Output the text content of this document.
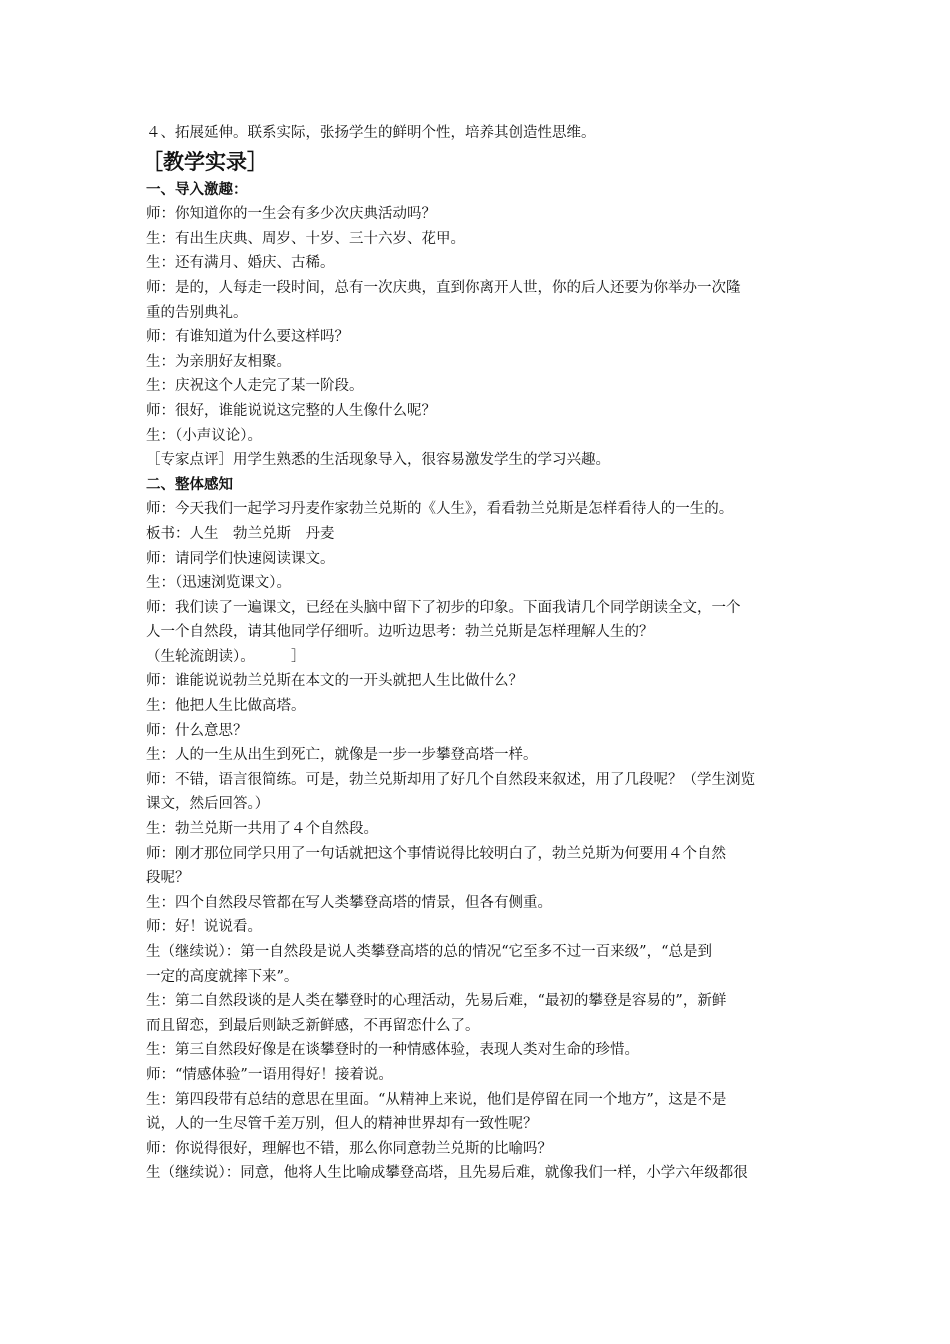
４、拓展延伸。联系实际，张扬学生的鲜明个性，培养其创造性思维。
［教学实录］
一、导入激趣：
师：你知道你的一生会有多少次庆典活动吗？
生：有出生庆典、周岁、十岁、三十六岁、花甲。
生：还有满月、婚庆、古稀。
师：是的，人每走一段时间，总有一次庆典，直到你离开人世，你的后人还要为你举办一次隆
重的告别典礼。
师：有谁知道为什么要这样吗？
生：为亲朋好友相聚。
生：庆祝这个人走完了某一阶段。
师：很好，谁能说说这完整的人生像什么呢？
生：（小声议论）。
［专家点评］用学生熟悉的生活现象导入，很容易激发学生的学习兴趣。
二、整体感知
师：今天我们一起学习丹麦作家勃兰兑斯的《人生》，看看勃兰兑斯是怎样看待人的一生的。
板书：人生　勃兰兑斯　丹麦
师：请同学们快速阅读课文。
生：（迅速浏览课文）。
师：我们读了一遍课文，已经在头脑中留下了初步的印象。下面我请几个同学朗读全文，一个
人一个自然段，请其他同学仔细听。边听边思考：勃兰兑斯是怎样理解人生的？
（生轮流朗读）。　　　］
师：谁能说说勃兰兑斯在本文的一开头就把人生比做什么？
生：他把人生比做高塔。
师：什么意思？
生：人的一生从出生到死亡，就像是一步一步攀登高塔一样。
师：不错，语言很简练。可是，勃兰兑斯却用了好几个自然段来叙述，用了几段呢？（学生浏览
课文，然后回答。）
生：勃兰兑斯一共用了４个自然段。
师：刚才那位同学只用了一句话就把这个事情说得比较明白了，勃兰兑斯为何要用４个自然
段呢？
生：四个自然段尽管都在写人类攀登高塔的情景，但各有侧重。
师：好！说说看。
生（继续说）：第一自然段是说人类攀登高塔的总的情况“它至多不过一百来级”，“总是到
一定的高度就摔下来”。
生：第二自然段谈的是人类在攀登时的心理活动，先易后难，“最初的攀登是容易的”，新鲜
而且留恋，到最后则缺乏新鲜感，不再留恋什么了。
生：第三自然段好像是在谈攀登时的一种情感体验，表现人类对生命的珍惜。
师：“情感体验”一语用得好！接着说。
生：第四段带有总结的意思在里面。“从精神上来说，他们是停留在同一个地方”，这是不是
说，人的一生尽管千差万别，但人的精神世界却有一致性呢？
师：你说得很好，理解也不错，那么你同意勃兰兑斯的比喻吗？
生（继续说）：同意，他将人生比喻成攀登高塔，且先易后难，就像我们一样，小学六年级都很
